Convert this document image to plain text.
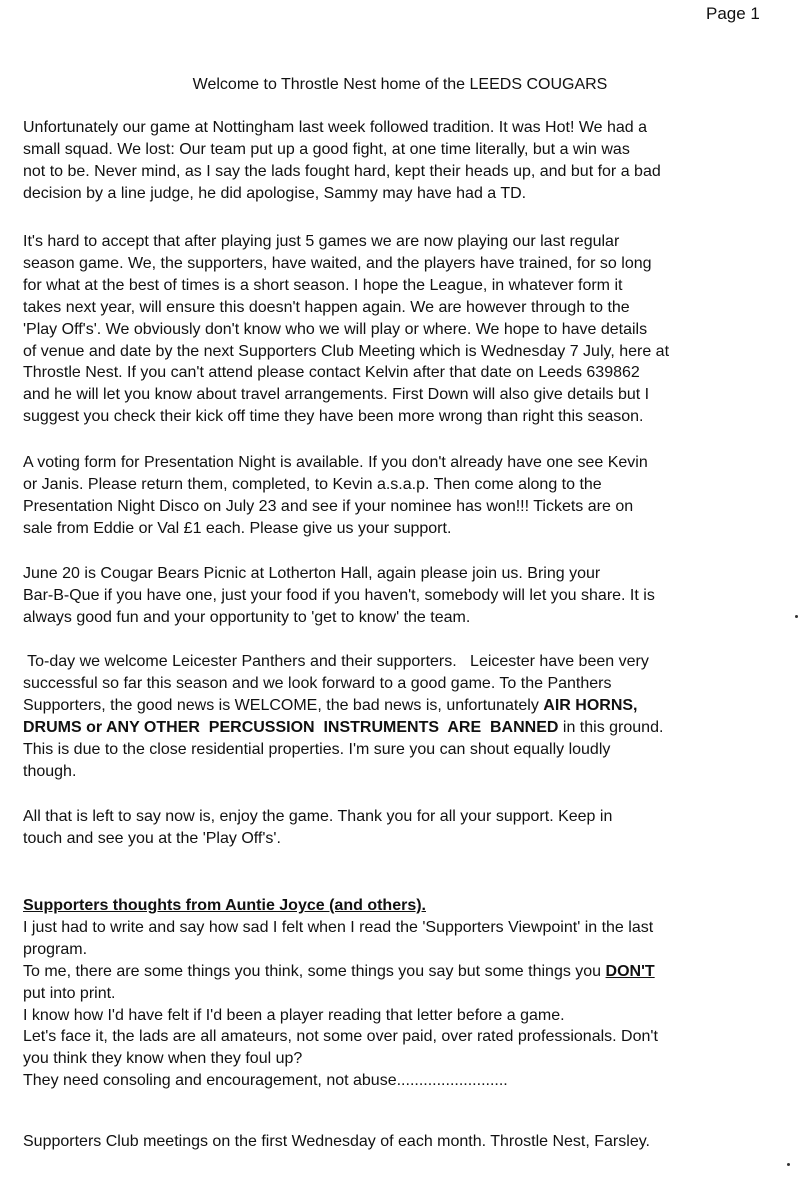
Page 1
Welcome to Throstle Nest home of the LEEDS COUGARS
Unfortunately our game at Nottingham last week followed tradition. It was Hot! We had a
small squad. We lost: Our team put up a good fight, at one time literally, but a win was
not to be. Never mind, as I say the lads fought hard, kept their heads up, and but for a bad
decision by a line judge, he did apologise, Sammy may have had a TD.
It's hard to accept that after playing just 5 games we are now playing our last regular
season game. We, the supporters, have waited, and the players have trained, for so long
for what at the best of times is a short season. I hope the League, in whatever form it
takes next year, will ensure this doesn't happen again. We are however through to the
'Play Off's'. We obviously don't know who we will play or where. We hope to have details
of venue and date by the next Supporters Club Meeting which is Wednesday 7 July, here at
Throstle Nest. If you can't attend please contact Kelvin after that date on Leeds 639862
and he will let you know about travel arrangements. First Down will also give details but I
suggest you check their kick off time they have been more wrong than right this season.
A voting form for Presentation Night is available. If you don't already have one see Kevin
or Janis. Please return them, completed, to Kevin a.s.a.p. Then come along to the
Presentation Night Disco on July 23 and see if your nominee has won!!! Tickets are on
sale from Eddie or Val £1 each. Please give us your support.
June 20 is Cougar Bears Picnic at Lotherton Hall, again please join us. Bring your
Bar-B-Que if you have one, just your food if you haven't, somebody will let you share. It is
always good fun and your opportunity to 'get to know' the team.
To-day we welcome Leicester Panthers and their supporters.   Leicester have been very
successful so far this season and we look forward to a good game. To the Panthers
Supporters, the good news is WELCOME, the bad news is, unfortunately AIR HORNS,
DRUMS or ANY OTHER  PERCUSSION  INSTRUMENTS  ARE  BANNED in this ground.
This is due to the close residential properties. I'm sure you can shout equally loudly
though.
All that is left to say now is, enjoy the game. Thank you for all your support. Keep in
touch and see you at the 'Play Off's'.
Supporters thoughts from Auntie Joyce (and others).
I just had to write and say how sad I felt when I read the 'Supporters Viewpoint' in the last
program.
To me, there are some things you think, some things you say but some things you DON'T
put into print.
I know how I'd have felt if I'd been a player reading that letter before a game.
Let's face it, the lads are all amateurs, not some over paid, over rated professionals. Don't
you think they know when they foul up?
They need consoling and encouragement, not abuse.........................
Supporters Club meetings on the first Wednesday of each month. Throstle Nest, Farsley.
